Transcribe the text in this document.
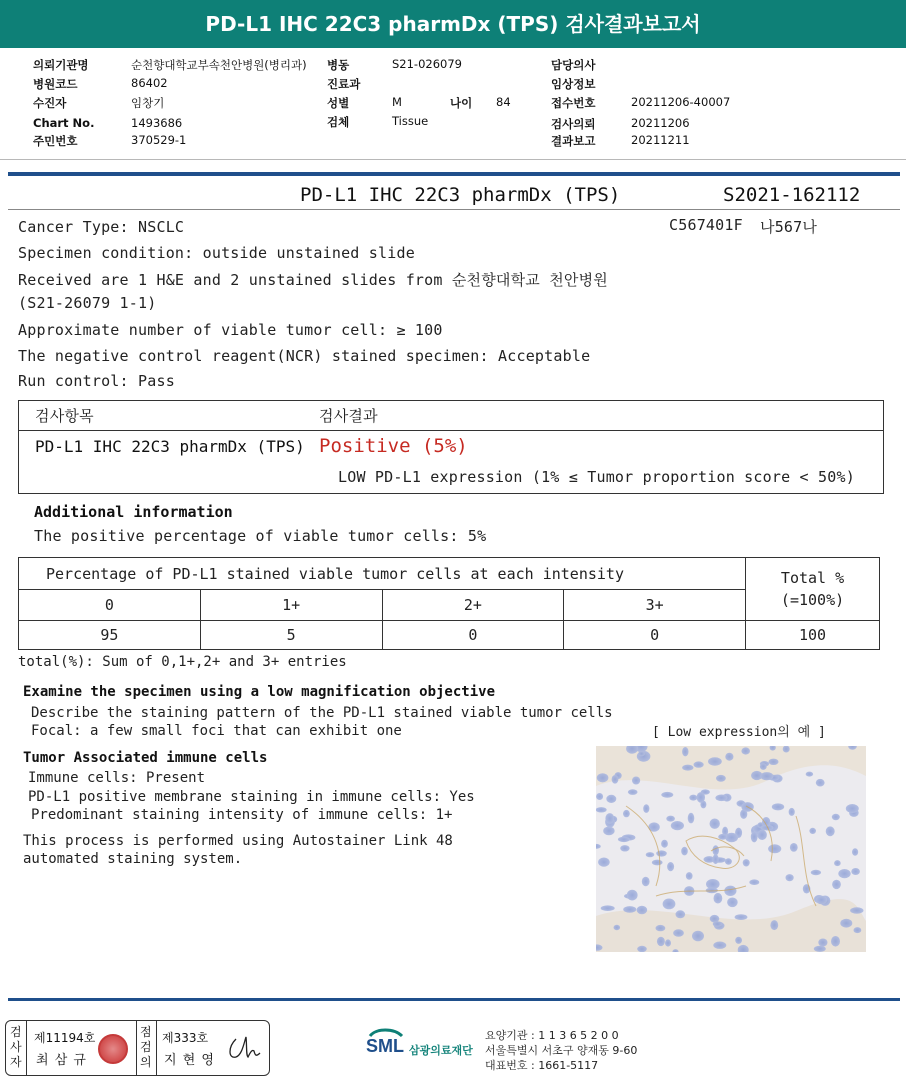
PD-L1 IHC 22C3 pharmDx (TPS) 검사결과보고서
의뢰기관명	순천향대학교부속천안병원(병리과)
병원코드	86402
수진자	임창기
Chart No.	1493686
주민번호	370529-1
병동	S21-026079
진료과
성별	M	나이 84
검체	Tissue
담당의사
임상정보
접수번호	20211206-40007
검사의뢰	20211206
결과보고	20211211
PD-L1 IHC 22C3 pharmDx (TPS)	S2021-162112
C567401F 나567나
Cancer Type: NSCLC
Specimen condition: outside unstained slide
Received are 1 H&E and 2 unstained slides from 순천향대학교 천안병원
(S21-26079 1-1)
Approximate number of viable tumor cell: ≥ 100
The negative control reagent(NCR) stained specimen: Acceptable
Run control: Pass
검사항목	검사결과
PD-L1 IHC 22C3 pharmDx (TPS) Positive (5%)
LOW PD-L1 expression (1% ≤ Tumor proportion score < 50%)
Additional information
The positive percentage of viable tumor cells: 5%
Percentage of PD-L1 stained viable tumor cells at each intensity				Total %
(=100%)

0	1+	2+	3+	
95	5	0	0	100
total(%): Sum of 0,1+,2+ and 3+ entries
Examine the specimen using a low magnification objective
Describe the staining pattern of the PD-L1 stained viable tumor cells
Focal: a few small foci that can exhibit one
Tumor Associated immune cells
Immune cells: Present
PD-L1 positive membrane staining in immune cells: Yes
Predominant staining intensity of immune cells: 1+
This process is performed using Autostainer Link 48
automated staining system.
[ Low expression의 예 ]
검사자
제11194호
최 삼 규
점검의
제333호
지 현 영
SML 삼광의료재단
요양기관 : 1 1 3 6 5 2 0 0
서울특별시 서초구 양재동 9-60
대표번호 : 1661-5117
